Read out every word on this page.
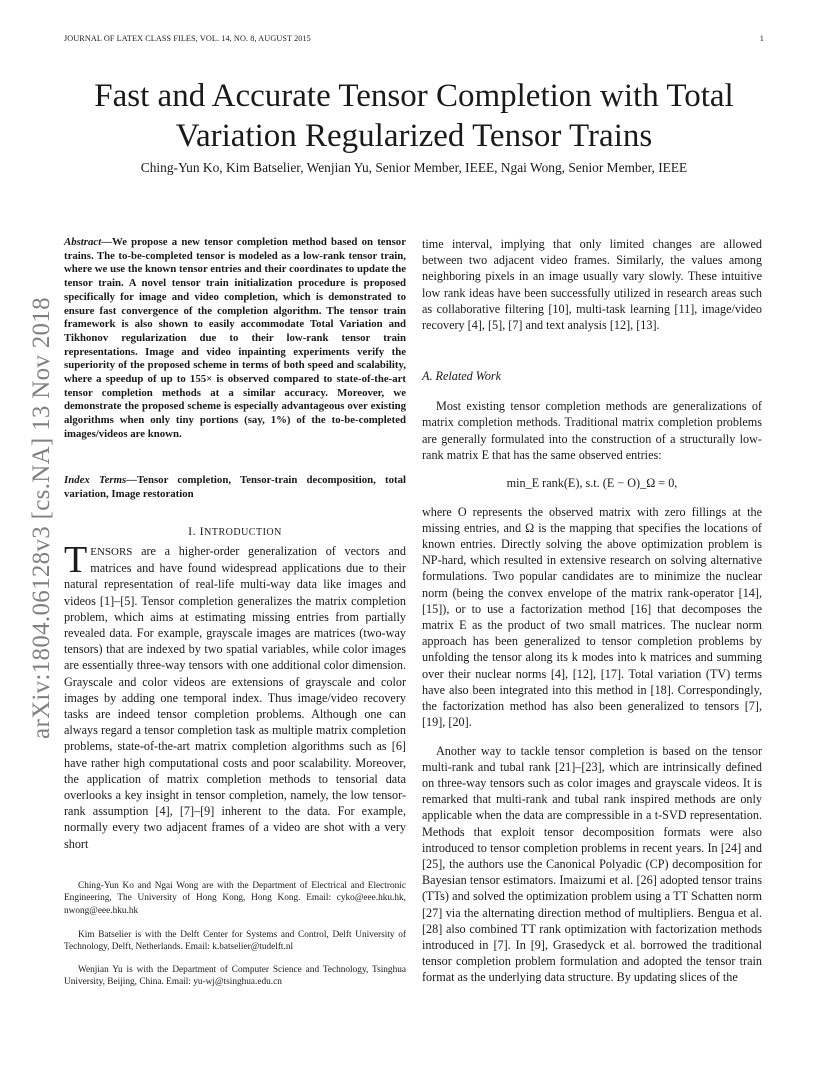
JOURNAL OF LATEX CLASS FILES, VOL. 14, NO. 8, AUGUST 2015	1
Fast and Accurate Tensor Completion with Total
Variation Regularized Tensor Trains
Ching-Yun Ko, Kim Batselier, Wenjian Yu, Senior Member, IEEE, Ngai Wong, Senior Member, IEEE
arXiv:1804.06128v3 [cs.NA] 13 Nov 2018
Abstract—We propose a new tensor completion method based on tensor trains. The to-be-completed tensor is modeled as a low-rank tensor train, where we use the known tensor entries and their coordinates to update the tensor train. A novel tensor train initialization procedure is proposed specifically for image and video completion, which is demonstrated to ensure fast convergence of the completion algorithm. The tensor train framework is also shown to easily accommodate Total Variation and Tikhonov regularization due to their low-rank tensor train representations. Image and video inpainting experiments verify the superiority of the proposed scheme in terms of both speed and scalability, where a speedup of up to 155× is observed compared to state-of-the-art tensor completion methods at a similar accuracy. Moreover, we demonstrate the proposed scheme is especially advantageous over existing algorithms when only tiny portions (say, 1%) of the to-be-completed images/videos are known.
Index Terms—Tensor completion, Tensor-train decomposition, total variation, Image restoration
I. INTRODUCTION

TENSORS are a higher-order generalization of vectors and matrices and have found widespread applications due to their natural representation of real-life multi-way data like images and videos [1]–[5]. Tensor completion generalizes the matrix completion problem, which aims at estimating missing entries from partially revealed data. For example, grayscale images are matrices (two-way tensors) that are indexed by two spatial variables, while color images are essentially three-way tensors with one additional color dimension. Grayscale and color videos are extensions of grayscale and color images by adding one temporal index. Thus image/video recovery tasks are indeed tensor completion problems. Although one can always regard a tensor completion task as multiple matrix completion problems, state-of-the-art matrix completion algorithms such as [6] have rather high computational costs and poor scalability. Moreover, the application of matrix completion methods to tensorial data overlooks a key insight in tensor completion, namely, the low tensor-rank assumption [4], [7]–[9] inherent to the data. For example, normally every two adjacent frames of a video are shot with a very short

Ching-Yun Ko and Ngai Wong are with the Department of Electrical and Electronic Engineering, The University of Hong Kong, Hong Kong. Email: cyko@eee.hku.hk, nwong@eee.hku.hk
Kim Batselier is with the Delft Center for Systems and Control, Delft University of Technology, Delft, Netherlands. Email: k.batselier@tudelft.nl
Wenjian Yu is with the Department of Computer Science and Technology, Tsinghua University, Beijing, China. Email: yu-wj@tsinghua.edu.cn
time interval, implying that only limited changes are allowed between two adjacent video frames. Similarly, the values among neighboring pixels in an image usually vary slowly. These intuitive low rank ideas have been successfully utilized in research areas such as collaborative filtering [10], multi-task learning [11], image/video recovery [4], [5], [7] and text analysis [12], [13].
A. Related Work

Most existing tensor completion methods are generalizations of matrix completion methods. Traditional matrix completion problems are generally formulated into the construction of a structurally low-rank matrix E that has the same observed entries:

min_E rank(E), s.t. (E − O)_Ω = 0,

where O represents the observed matrix with zero fillings at the missing entries, and Ω is the mapping that specifies the locations of known entries. Directly solving the above optimization problem is NP-hard, which resulted in extensive research on solving alternative formulations. Two popular candidates are to minimize the nuclear norm (being the convex envelope of the matrix rank-operator [14], [15]), or to use a factorization method [16] that decomposes the matrix E as the product of two small matrices. The nuclear norm approach has been generalized to tensor completion problems by unfolding the tensor along its k modes into k matrices and summing over their nuclear norms [4], [12], [17]. Total variation (TV) terms have also been integrated into this method in [18]. Correspondingly, the factorization method has also been generalized to tensors [7], [19], [20].

Another way to tackle tensor completion is based on the tensor multi-rank and tubal rank [21]–[23], which are intrinsically defined on three-way tensors such as color images and grayscale videos. It is remarked that multi-rank and tubal rank inspired methods are only applicable when the data are compressible in a t-SVD representation. Methods that exploit tensor decomposition formats were also introduced to tensor completion problems in recent years. In [24] and [25], the authors use the Canonical Polyadic (CP) decomposition for Bayesian tensor estimators. Imaizumi et al. [26] adopted tensor trains (TTs) and solved the optimization problem using a TT Schatten norm [27] via the alternating direction method of multipliers. Bengua et al. [28] also combined TT rank optimization with factorization methods introduced in [7]. In [9], Grasedyck et al. borrowed the traditional tensor completion problem formulation and adopted the tensor train format as the underlying data structure. By updating slices of the
